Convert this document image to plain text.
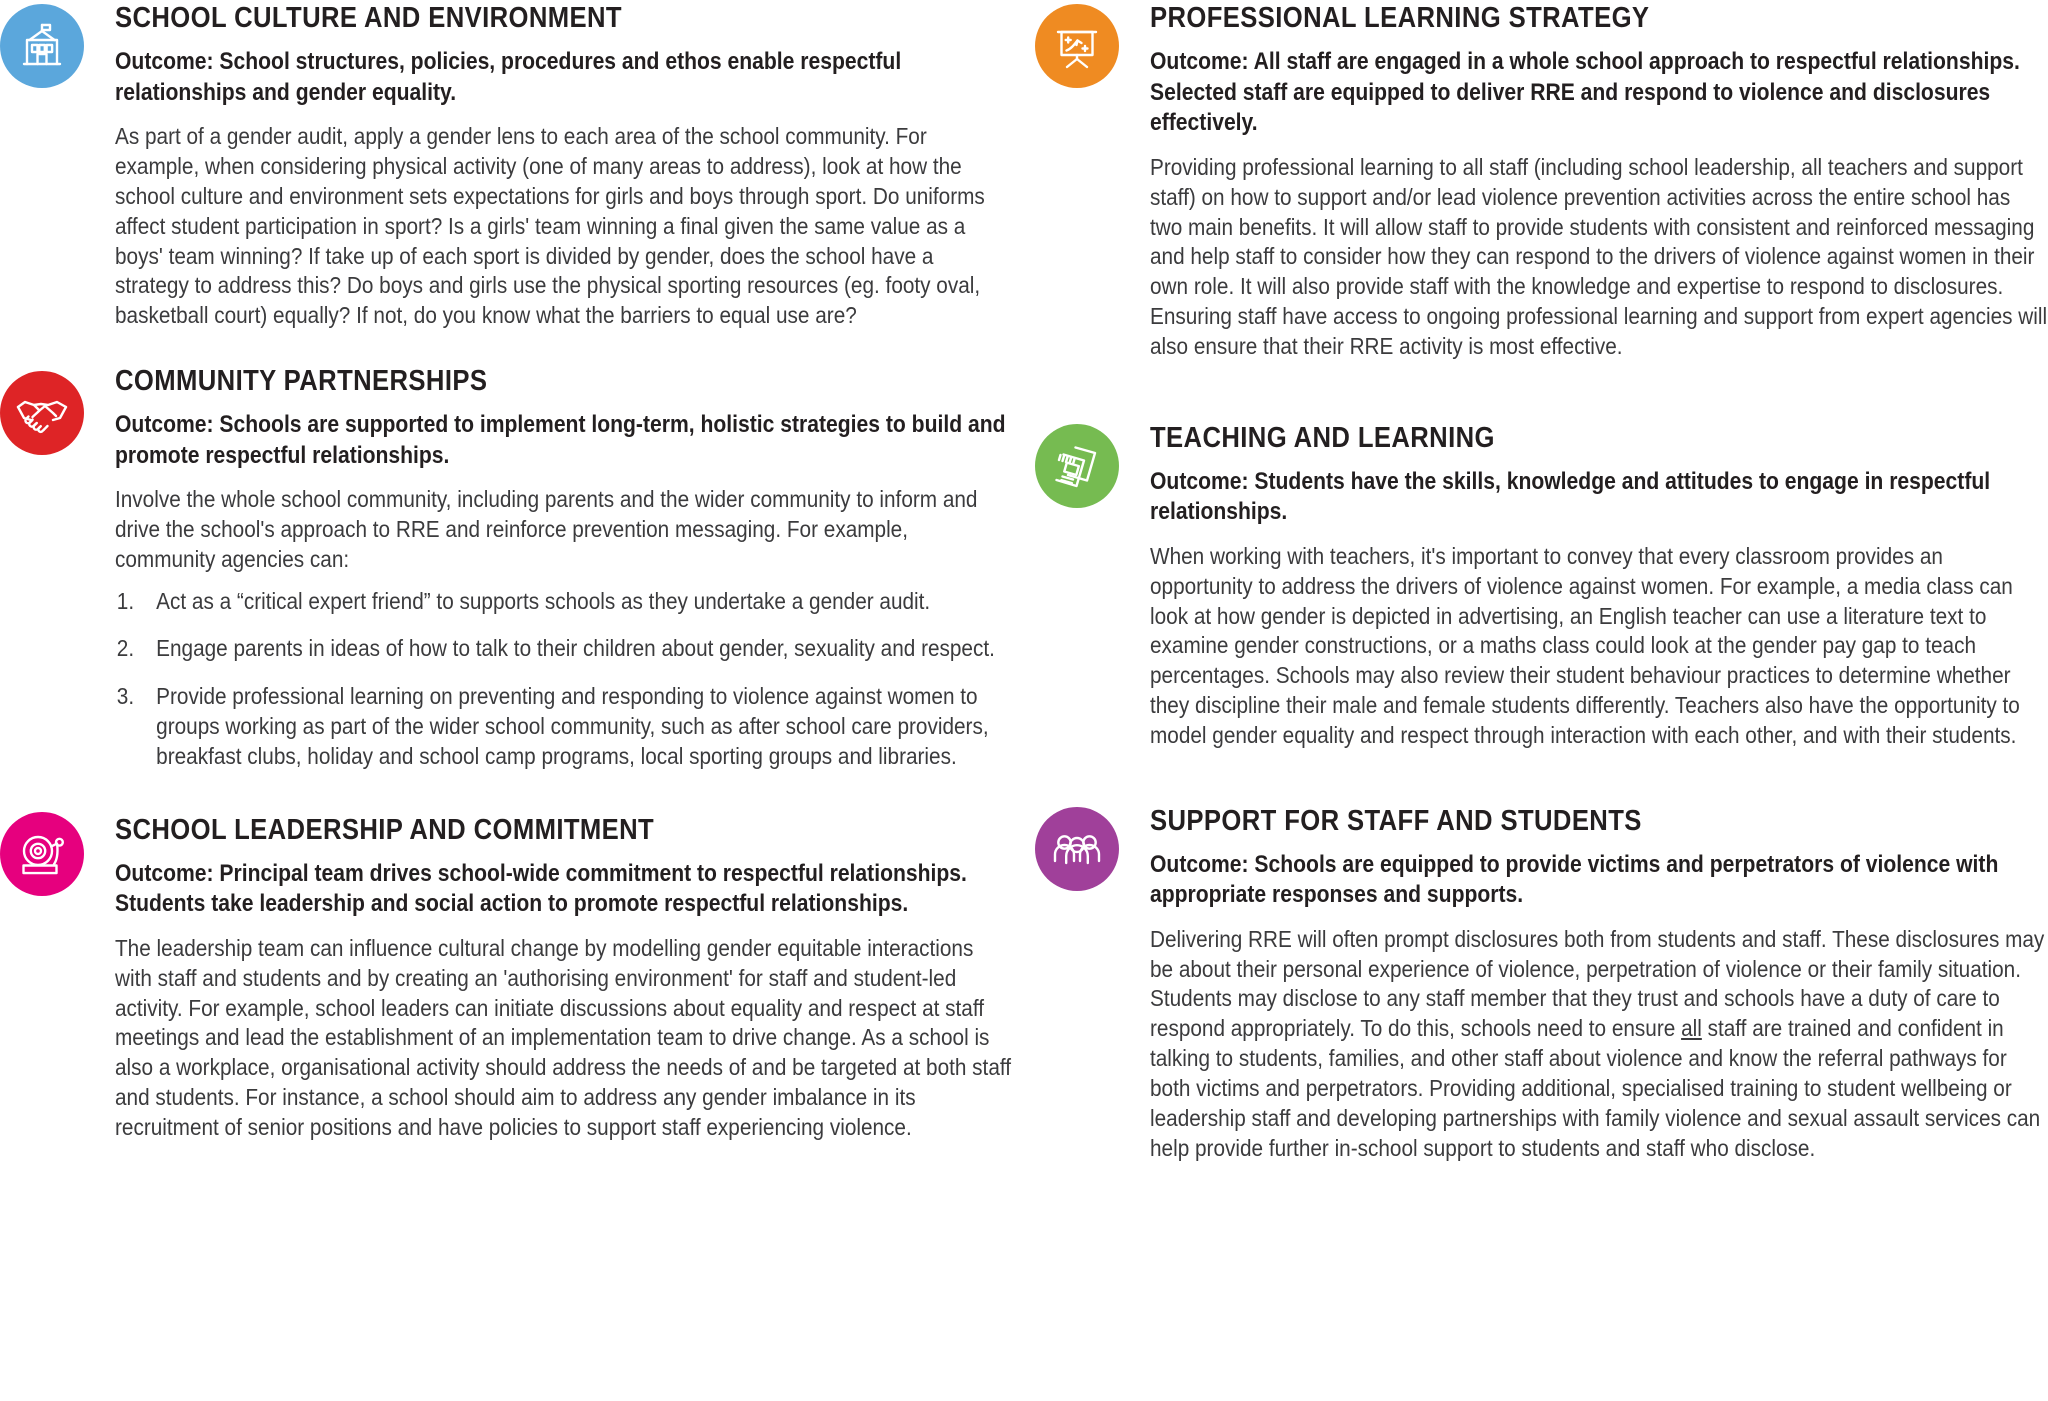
SCHOOL CULTURE AND ENVIRONMENT

Outcome: School structures, policies, procedures and ethos enable respectful relationships and gender equality.

As part of a gender audit, apply a gender lens to each area of the school community. For example, when considering physical activity (one of many areas to address), look at how the school culture and environment sets expectations for girls and boys through sport. Do uniforms affect student participation in sport? Is a girls' team winning a final given the same value as a boys' team winning? If take up of each sport is divided by gender, does the school have a strategy to address this? Do boys and girls use the physical sporting resources (eg. footy oval, basketball court) equally? If not, do you know what the barriers to equal use are?

COMMUNITY PARTNERSHIPS

Outcome: Schools are supported to implement long-term, holistic strategies to build and promote respectful relationships.

Involve the whole school community, including parents and the wider community to inform and drive the school's approach to RRE and reinforce prevention messaging. For example, community agencies can:

1. Act as a “critical expert friend” to supports schools as they undertake a gender audit.
2. Engage parents in ideas of how to talk to their children about gender, sexuality and respect.
3. Provide professional learning on preventing and responding to violence against women to groups working as part of the wider school community, such as after school care providers, breakfast clubs, holiday and school camp programs, local sporting groups and libraries.
SCHOOL LEADERSHIP AND COMMITMENT

Outcome: Principal team drives school-wide commitment to respectful relationships. Students take leadership and social action to promote respectful relationships.

The leadership team can influence cultural change by modelling gender equitable interactions with staff and students and by creating an 'authorising environment' for staff and student-led activity. For example, school leaders can initiate discussions about equality and respect at staff meetings and lead the establishment of an implementation team to drive change. As a school is also a workplace, organisational activity should address the needs of and be targeted at both staff and students. For instance, a school should aim to address any gender imbalance in its recruitment of senior positions and have policies to support staff experiencing violence.

PROFESSIONAL LEARNING STRATEGY

Outcome: All staff are engaged in a whole school approach to respectful relationships. Selected staff are equipped to deliver RRE and respond to violence and disclosures effectively.

Providing professional learning to all staff (including school leadership, all teachers and support staff) on how to support and/or lead violence prevention activities across the entire school has two main benefits. It will allow staff to provide students with consistent and reinforced messaging and help staff to consider how they can respond to the drivers of violence against women in their own role. It will also provide staff with the knowledge and expertise to respond to disclosures. Ensuring staff have access to ongoing professional learning and support from expert agencies will also ensure that their RRE activity is most effective.

TEACHING AND LEARNING

Outcome: Students have the skills, knowledge and attitudes to engage in respectful relationships.

When working with teachers, it's important to convey that every classroom provides an opportunity to address the drivers of violence against women. For example, a media class can look at how gender is depicted in advertising, an English teacher can use a literature text to examine gender constructions, or a maths class could look at the gender pay gap to teach percentages. Schools may also review their student behaviour practices to determine whether they discipline their male and female students differently. Teachers also have the opportunity to model gender equality and respect through interaction with each other, and with their students.

SUPPORT FOR STAFF AND STUDENTS

Outcome: Schools are equipped to provide victims and perpetrators of violence with appropriate responses and supports.

Delivering RRE will often prompt disclosures both from students and staff. These disclosures may be about their personal experience of violence, perpetration of violence or their family situation. Students may disclose to any staff member that they trust and schools have a duty of care to respond appropriately. To do this, schools need to ensure all staff are trained and confident in talking to students, families, and other staff about violence and know the referral pathways for both victims and perpetrators. Providing additional, specialised training to student wellbeing or leadership staff and developing partnerships with family violence and sexual assault services can help provide further in-school support to students and staff who disclose.
